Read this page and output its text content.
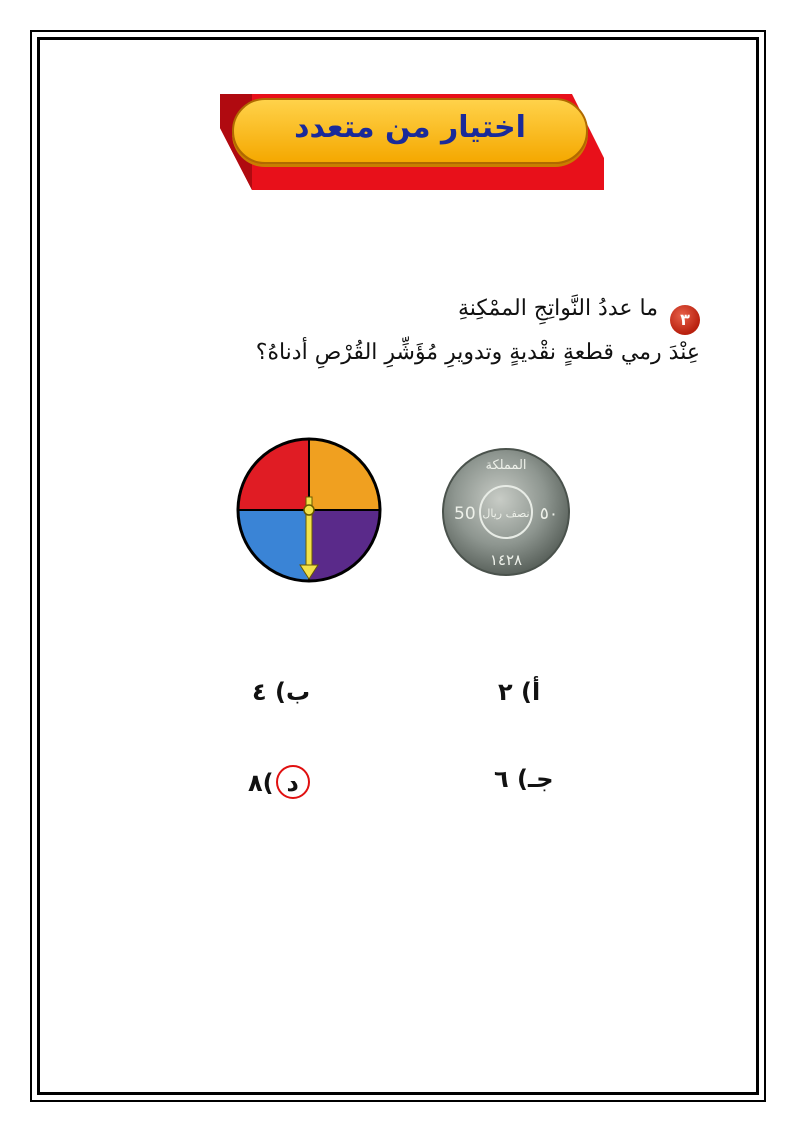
اختيار من متعدد
٣
ما عددُ النَّواتِجِ الممْكِنةِ
عِنْدَ رمي قطعةٍ نقْديةٍ وتدويرِ مُؤَشِّرِ القُرْصِ أدناهُ؟
المملكة
نصف ريال
50	٥٠
١٤٢٨
ب) ٤	أ) ٢
د)٨	جـ) ٦
